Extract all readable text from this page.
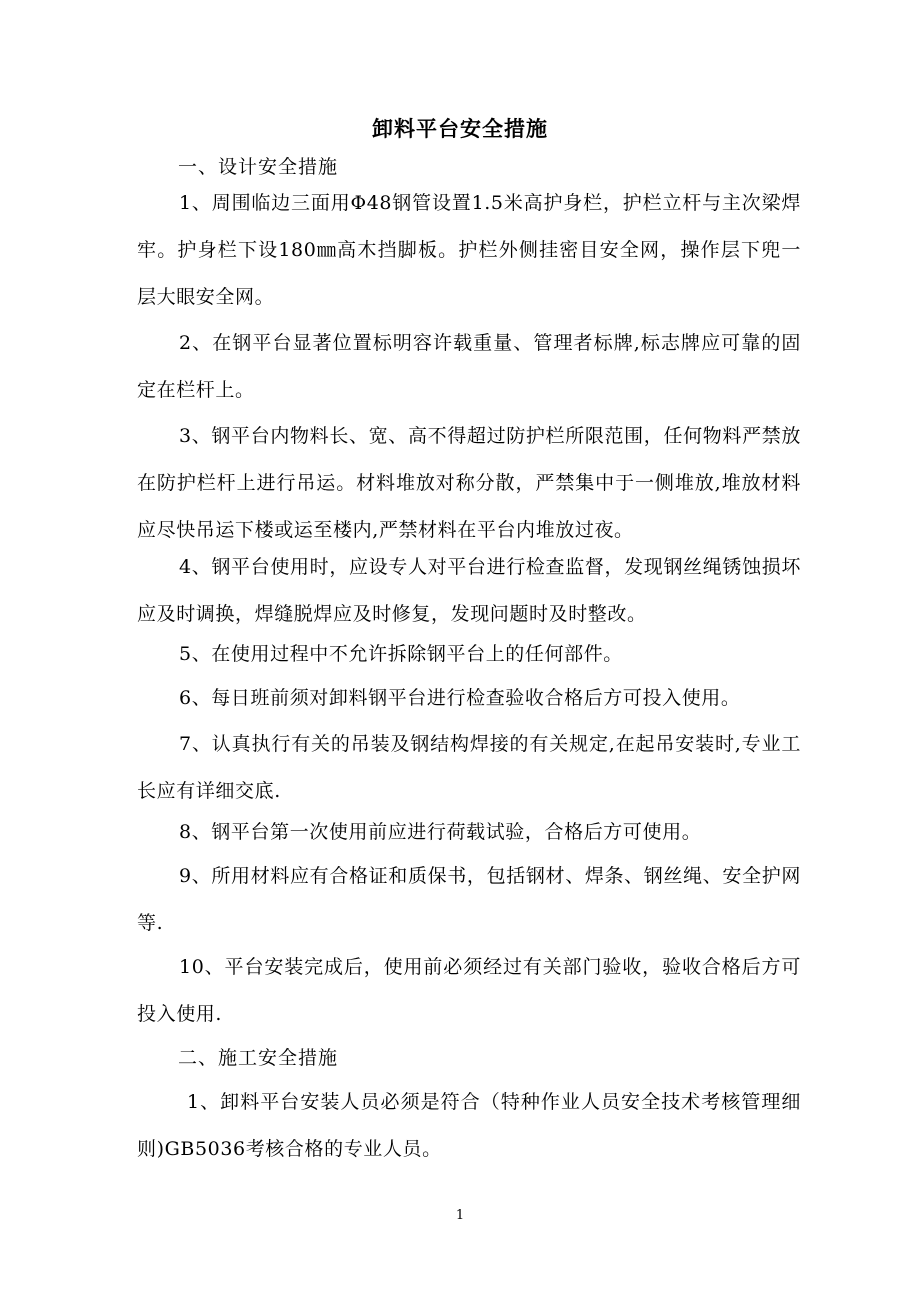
卸料平台安全措施
一、设计安全措施
1、周围临边三面用Φ48钢管设置1.5米高护身栏，护栏立杆与主次梁焊牢。护身栏下设180㎜高木挡脚板。护栏外侧挂密目安全网，操作层下兜一层大眼安全网。
2、在钢平台显著位置标明容许载重量、管理者标牌,标志牌应可靠的固定在栏杆上。
3、钢平台内物料长、宽、高不得超过防护栏所限范围，任何物料严禁放在防护栏杆上进行吊运。材料堆放对称分散，严禁集中于一侧堆放,堆放材料应尽快吊运下楼或运至楼内,严禁材料在平台内堆放过夜。
4、钢平台使用时，应设专人对平台进行检查监督，发现钢丝绳锈蚀损坏应及时调换，焊缝脱焊应及时修复，发现问题时及时整改。
5、在使用过程中不允许拆除钢平台上的任何部件。
6、每日班前须对卸料钢平台进行检查验收合格后方可投入使用。
7、认真执行有关的吊装及钢结构焊接的有关规定,在起吊安装时,专业工长应有详细交底.
8、钢平台第一次使用前应进行荷载试验，合格后方可使用。
9、所用材料应有合格证和质保书，包括钢材、焊条、钢丝绳、安全护网等.
10、平台安装完成后，使用前必须经过有关部门验收，验收合格后方可投入使用.
二、施工安全措施
1、卸料平台安装人员必须是符合（特种作业人员安全技术考核管理细则)GB5036考核合格的专业人员。
1
